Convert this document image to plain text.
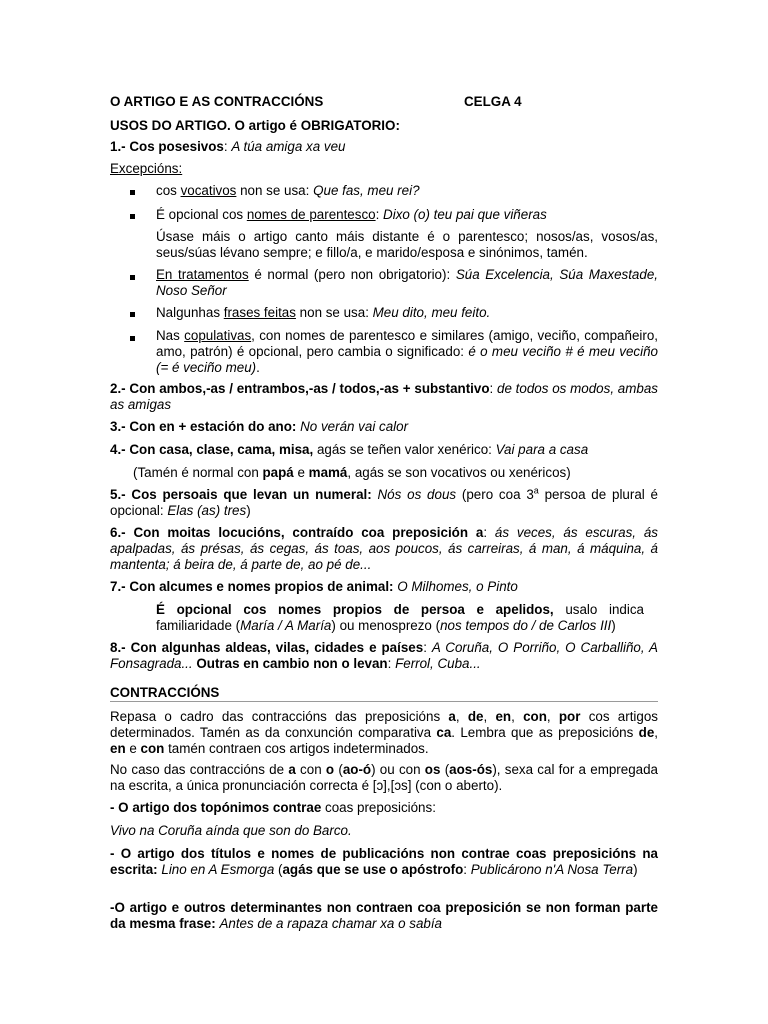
O ARTIGO E AS CONTRACCIÓNS	CELGA 4

USOS DO ARTIGO. O artigo é OBRIGATORIO:

1.- Cos posesivos: A túa amiga xa veu

Excepcións:

cos vocativos non se usa: Que fas, meu rei?

É opcional cos nomes de parentesco: Dixo (o) teu pai que viñeras

Úsase máis o artigo canto máis distante é o parentesco; nosos/as, vosos/as, seus/súas lévano sempre; e fillo/a, e marido/esposa e sinónimos, tamén.

En tratamentos é normal (pero non obrigatorio): Súa Excelencia, Súa Maxestade, Noso Señor

Nalgunhas frases feitas non se usa: Meu dito, meu feito.

Nas copulativas, con nomes de parentesco e similares (amigo, veciño, compañeiro, amo, patrón) é opcional, pero cambia o significado: é o meu veciño # é meu veciño (= é veciño meu).

2.- Con ambos,-as / entrambos,-as / todos,-as + substantivo: de todos os modos, ambas as amigas

3.- Con en + estación do ano: No verán vai calor

4.- Con casa, clase, cama, misa, agás se teñen valor xenérico: Vai para a casa

(Tamén é normal con papá e mamá, agás se son vocativos ou xenéricos)

5.- Cos persoais que levan un numeral: Nós os dous (pero coa 3$^a$ persoa de plural é opcional: Elas (as) tres)

6.- Con moitas locucións, contraído coa preposición a: ás veces, ás escuras, ás apalpadas, ás présas, ás cegas, ás toas, aos poucos, ás carreiras, á man, á máquina, á mantenta; á beira de, á parte de, ao pé de...

7.- Con alcumes e nomes propios de animal: O Milhomes, o Pinto

É opcional cos nomes propios de persoa e apelidos, usalo indica familiaridade (María / A María) ou menosprezo (nos tempos do / de Carlos III)

8.- Con algunhas aldeas, vilas, cidades e países: A Coruña, O Porriño, O Carballiño, A Fonsagrada... Outras en cambio non o levan: Ferrol, Cuba...

CONTRACCIÓNS

Repasa o cadro das contraccións das preposicións a, de, en, con, por cos artigos determinados. Tamén as da conxunción comparativa ca. Lembra que as preposicións de, en e con tamén contraen cos artigos indeterminados.

No caso das contraccións de a con o (ao-ó) ou con os (aos-ós), sexa cal for a empregada na escrita, a única pronunciación correcta é [ɔ],[ɔs] (con o aberto).

- O artigo dos topónimos contrae coas preposicións:

Vivo na Coruña aínda que son do Barco.

- O artigo dos títulos e nomes de publicacións non contrae coas preposicións na escrita: Lino en A Esmorga (agás que se use o apóstrofo: Publicárono n'A Nosa Terra)

-O artigo e outros determinantes non contraen coa preposición se non forman parte da mesma frase: Antes de a rapaza chamar xa o sabía
